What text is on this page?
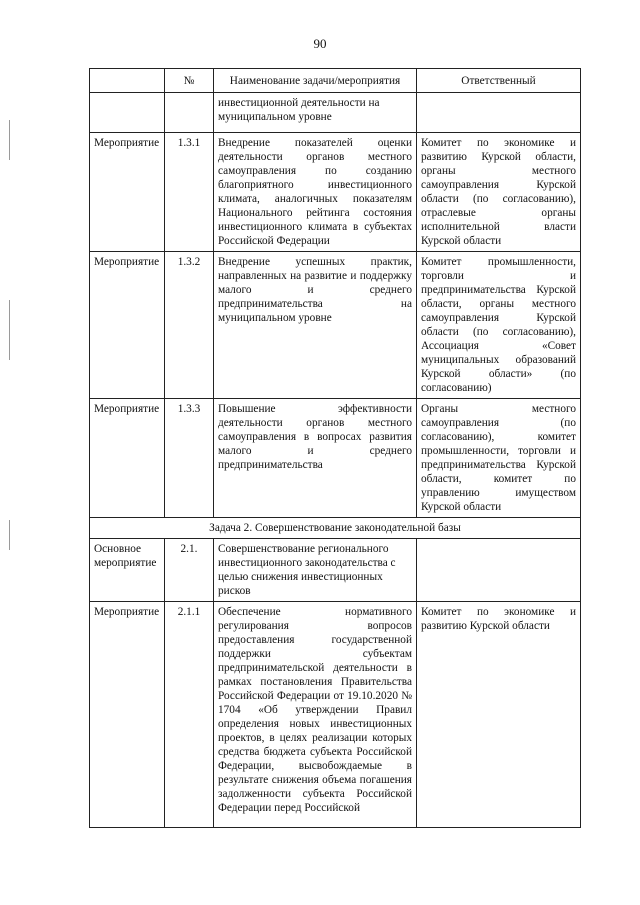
90
	№	Наименование задачи/мероприятия	Ответственный
		инвестиционной деятельности на муниципальном уровне	
Мероприятие	1.3.1	Внедрение показателей оценки деятельности органов местного самоуправления по созданию благоприятного инвестиционного климата, аналогичных показателям Национального рейтинга состояния инвестиционного климата в субъектах Российской Федерации	Комитет по экономике и развитию Курской области, органы местного самоуправления Курской области (по согласованию), отраслевые органы исполнительной власти Курской области
Мероприятие	1.3.2	Внедрение успешных практик, направленных на развитие и поддержку малого и среднего предпринимательства на муниципальном уровне	Комитет промышленности, торговли и предпринимательства Курской области, органы местного самоуправления Курской области (по согласованию), Ассоциация «Совет муниципальных образований Курской области» (по согласованию)
Мероприятие	1.3.3	Повышение эффективности деятельности органов местного самоуправления в вопросах развития малого и среднего предпринимательства	Органы местного самоуправления (по согласованию), комитет промышленности, торговли и предпринимательства Курской области, комитет по управлению имуществом Курской области
Задача 2. Совершенствование законодательной базы			
Основное мероприятие	2.1.	Совершенствование регионального инвестиционного законодательства с целью снижения инвестиционных рисков	
Мероприятие	2.1.1	Обеспечение нормативного регулирования вопросов предоставления государственной поддержки субъектам предпринимательской деятельности в рамках постановления Правительства Российской Федерации от 19.10.2020 № 1704 «Об утверждении Правил определения новых инвестиционных проектов, в целях реализации которых средства бюджета субъекта Российской Федерации, высвобождаемые в результате снижения объема погашения задолженности субъекта Российской Федерации перед Российской	Комитет по экономике и развитию Курской области
